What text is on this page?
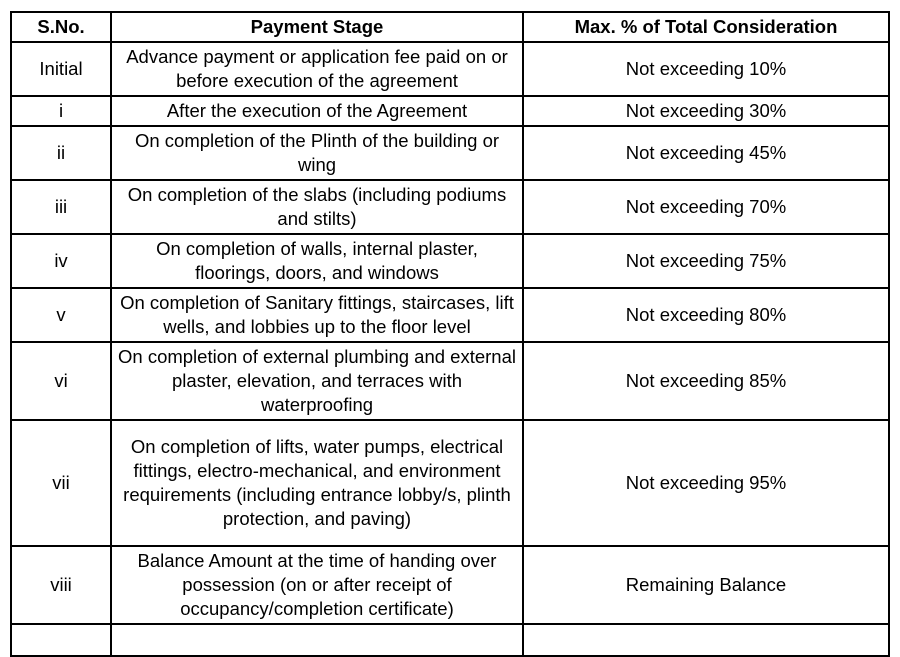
S.No.	Payment Stage	Max. % of Total Consideration
Initial	Advance payment or application fee paid on or before execution of the agreement	Not exceeding 10%
i	After the execution of the Agreement	Not exceeding 30%
ii	On completion of the Plinth of the building or wing	Not exceeding 45%
iii	On completion of the slabs (including podiums and stilts)	Not exceeding 70%
iv	On completion of walls, internal plaster, floorings, doors, and windows	Not exceeding 75%
v	On completion of Sanitary fittings, staircases, lift wells, and lobbies up to the floor level	Not exceeding 80%
vi	On completion of external plumbing and external plaster, elevation, and terraces with waterproofing	Not exceeding 85%
vii	On completion of lifts, water pumps, electrical fittings, electro-mechanical, and environment requirements (including entrance lobby/s, plinth protection, and paving)	Not exceeding 95%
viii	Balance Amount at the time of handing over possession (on or after receipt of occupancy/completion certificate)	Remaining Balance
